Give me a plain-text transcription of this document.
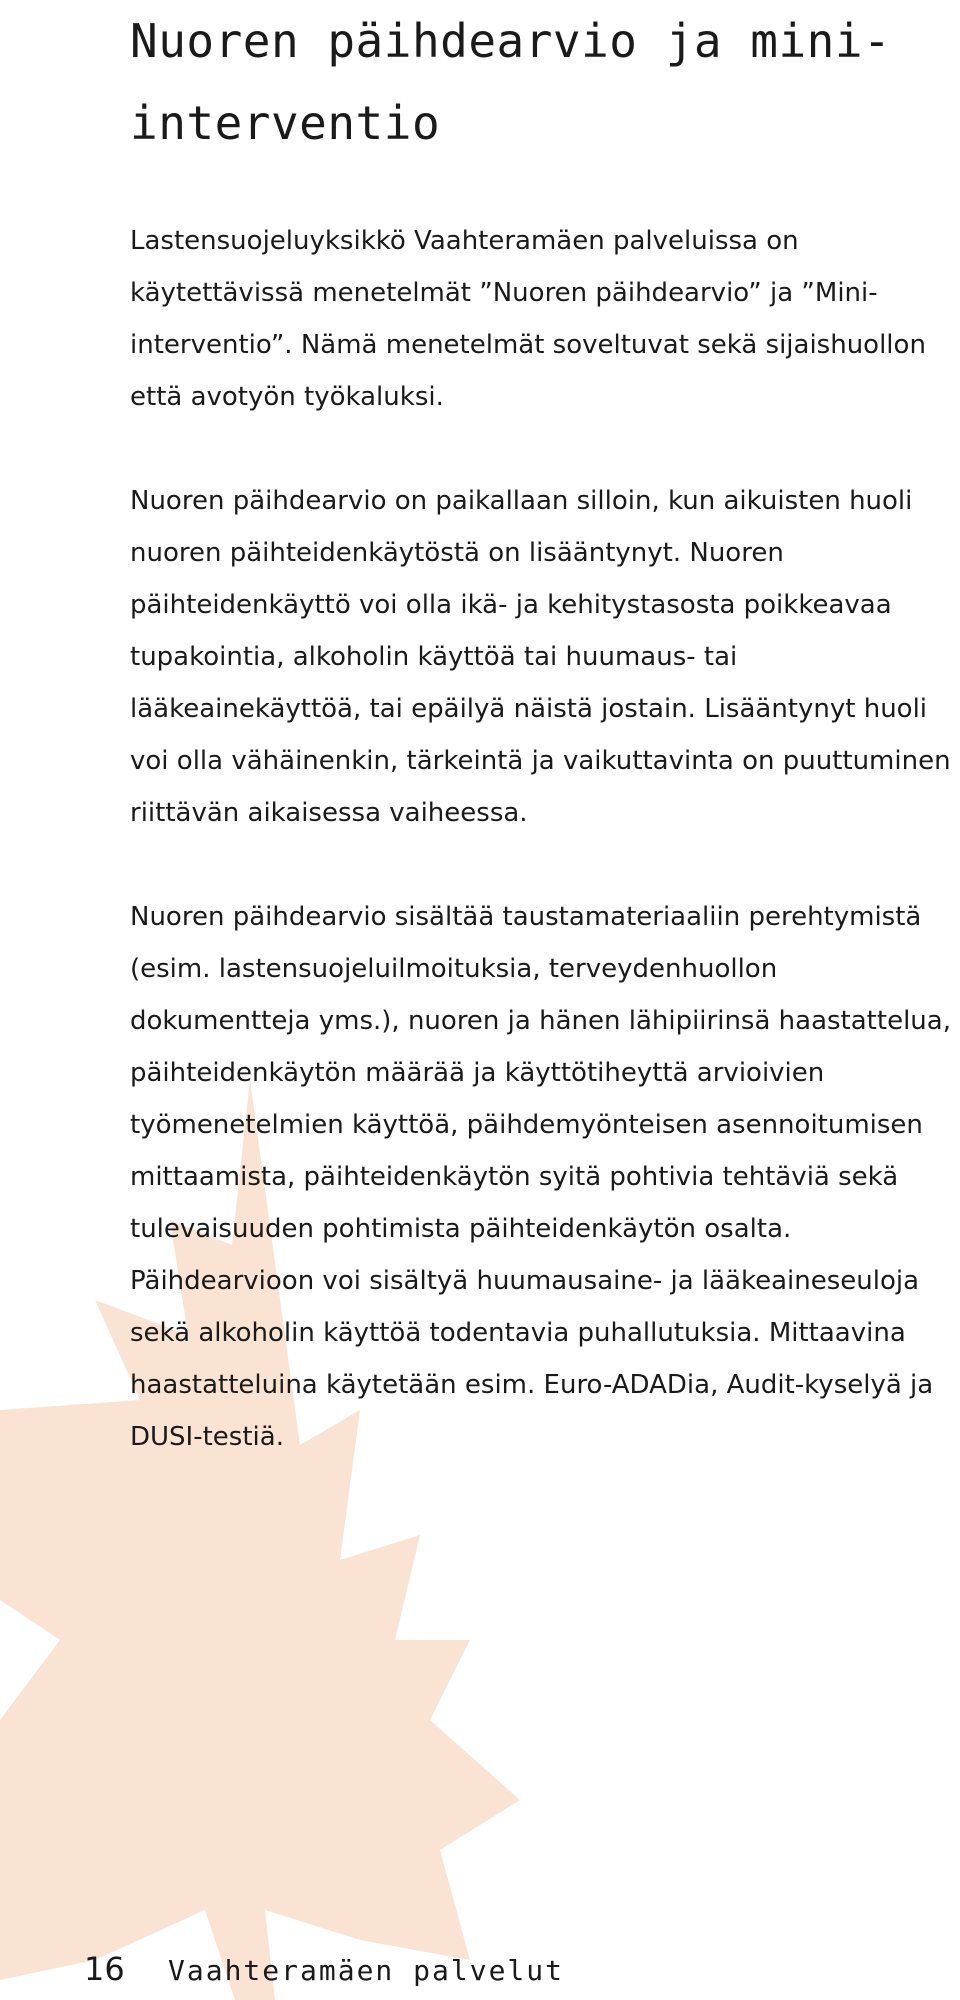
Nuoren päihdearvio ja mini-interventio

Lastensuojeluyksikkö Vaahteramäen palveluissa on käytettävissä menetelmät ”Nuoren päihdearvio” ja ”Mini-interventio”. Nämä menetelmät soveltuvat sekä sijaishuollon että avotyön työkaluksi.

Nuoren päihdearvio on paikallaan silloin, kun aikuisten huoli nuoren päihteidenkäytöstä on lisääntynyt. Nuoren päihteidenkäyttö voi olla ikä- ja kehitystasosta poikkeavaa tupakointia, alkoholin käyttöä tai huumaus- tai lääkeainekäyttöä, tai epäilyä näistä jostain. Lisääntynyt huoli voi olla vähäinenkin, tärkeintä ja vaikuttavinta on puuttuminen riittävän aikaisessa vaiheessa.

Nuoren päihdearvio sisältää taustamateriaaliin perehtymistä (esim. lastensuojeluilmoituksia, terveydenhuollon dokumentteja yms.), nuoren ja hänen lähipiirinsä haastattelua, päihteidenkäytön määrää ja käyttötiheyttä arvioivien työmenetelmien käyttöä, päihdemyönteisen asennoitumisen mittaamista, päihteidenkäytön syitä pohtivia tehtäviä sekä tulevaisuuden pohtimista päihteidenkäytön osalta. Päihdearvioon voi sisältyä huumausaine- ja lääkeaineseuloja sekä alkoholin käyttöä todentavia puhallutuksia. Mittaavina haastatteluina käytetään esim. Euro-ADADia, Audit-kyselyä ja DUSI-testiä.

16	Vaahteramäen palvelut
